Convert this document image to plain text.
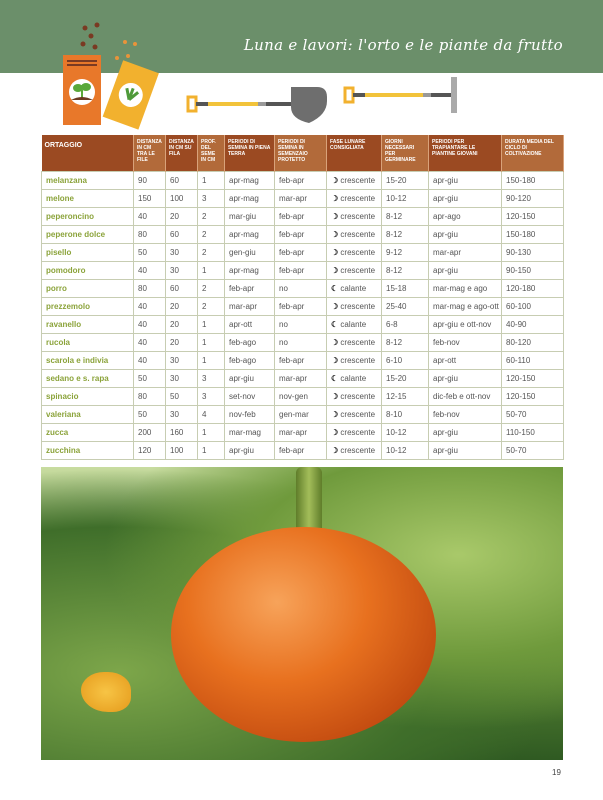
Luna e lavori: l'orto e le piante da frutto
ORTAGGIO	DISTANZA IN CM TRA LE FILE	DISTANZA IN CM SU FILA	PROF. DEL SEME IN CM	PERIODI DI SEMINA IN PIENA TERRA	PERIODI DI SEMINA IN SEMENZAIO PROTETTO	FASE LUNARE CONSIGLIATA	GIORNI NECESSARI PER GERMINARE	PERIODI PER TRAPIANTARE LE PIANTINE GIOVANI	DURATA MEDIA DEL CICLO DI COLTIVAZIONE
melanzana	90	60	1	apr-mag	feb-apr	☽ crescente	15-20	apr-giu	150-180
melone	150	100	3	apr-mag	mar-apr	☽ crescente	10-12	apr-giu	90-120
peperoncino	40	20	2	mar-giu	feb-apr	☽ crescente	8-12	apr-ago	120-150
peperone dolce	80	60	2	apr-mag	feb-apr	☽ crescente	8-12	apr-giu	150-180
pisello	50	30	2	gen-giu	feb-apr	☽ crescente	9-12	mar-apr	90-130
pomodoro	40	30	1	apr-mag	feb-apr	☽ crescente	8-12	apr-giu	90-150
porro	80	60	2	feb-apr	no	☾ calante	15-18	mar-mag e ago	120-180
prezzemolo	40	20	2	mar-apr	feb-apr	☽ crescente	25-40	mar-mag e ago-ott	60-100
ravanello	40	20	1	apr-ott	no	☾ calante	6-8	apr-giu e ott-nov	40-90
rucola	40	20	1	feb-ago	no	☽ crescente	8-12	feb-nov	80-120
scarola e indivia	40	30	1	feb-ago	feb-apr	☽ crescente	6-10	apr-ott	60-110
sedano e s. rapa	50	30	3	apr-giu	mar-apr	☾ calante	15-20	apr-giu	120-150
spinacio	80	50	3	set-nov	nov-gen	☽ crescente	12-15	dic-feb e ott-nov	120-150
valeriana	50	30	4	nov-feb	gen-mar	☽ crescente	8-10	feb-nov	50-70
zucca	200	160	1	mar-mag	mar-apr	☽ crescente	10-12	apr-giu	110-150
zucchina	120	100	1	apr-giu	feb-apr	☽ crescente	10-12	apr-giu	50-70
19
